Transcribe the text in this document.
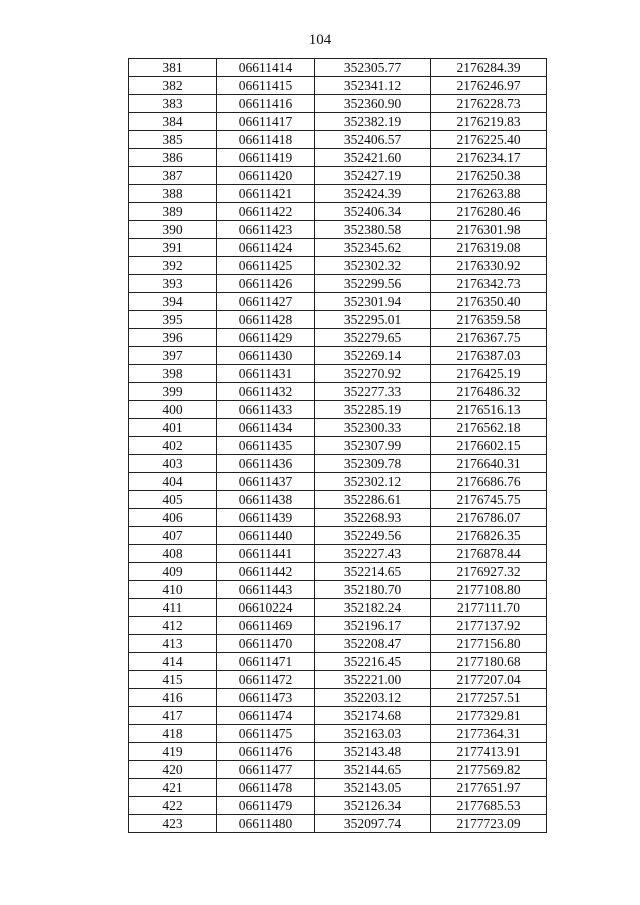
104
381	06611414	352305.77	2176284.39
382	06611415	352341.12	2176246.97
383	06611416	352360.90	2176228.73
384	06611417	352382.19	2176219.83
385	06611418	352406.57	2176225.40
386	06611419	352421.60	2176234.17
387	06611420	352427.19	2176250.38
388	06611421	352424.39	2176263.88
389	06611422	352406.34	2176280.46
390	06611423	352380.58	2176301.98
391	06611424	352345.62	2176319.08
392	06611425	352302.32	2176330.92
393	06611426	352299.56	2176342.73
394	06611427	352301.94	2176350.40
395	06611428	352295.01	2176359.58
396	06611429	352279.65	2176367.75
397	06611430	352269.14	2176387.03
398	06611431	352270.92	2176425.19
399	06611432	352277.33	2176486.32
400	06611433	352285.19	2176516.13
401	06611434	352300.33	2176562.18
402	06611435	352307.99	2176602.15
403	06611436	352309.78	2176640.31
404	06611437	352302.12	2176686.76
405	06611438	352286.61	2176745.75
406	06611439	352268.93	2176786.07
407	06611440	352249.56	2176826.35
408	06611441	352227.43	2176878.44
409	06611442	352214.65	2176927.32
410	06611443	352180.70	2177108.80
411	06610224	352182.24	2177111.70
412	06611469	352196.17	2177137.92
413	06611470	352208.47	2177156.80
414	06611471	352216.45	2177180.68
415	06611472	352221.00	2177207.04
416	06611473	352203.12	2177257.51
417	06611474	352174.68	2177329.81
418	06611475	352163.03	2177364.31
419	06611476	352143.48	2177413.91
420	06611477	352144.65	2177569.82
421	06611478	352143.05	2177651.97
422	06611479	352126.34	2177685.53
423	06611480	352097.74	2177723.09
